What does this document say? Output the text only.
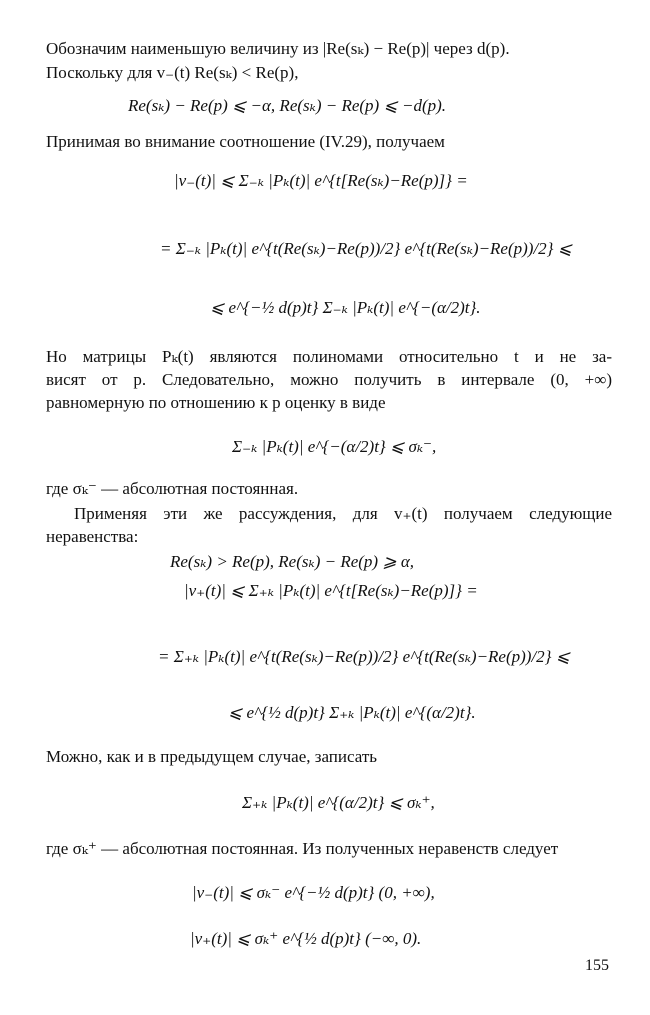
Обозначим наименьшую величину из |Re(sₖ) − Re(p)| через d(p).
Поскольку для v₋(t) Re(sₖ) < Re(p),
Re(sₖ) − Re(p) ⩽ −α, Re(sₖ) − Re(p) ⩽ −d(p).
Принимая во внимание соотношение (IV.29), получаем
|v₋(t)| ⩽ Σ₋ₖ |Pₖ(t)| e^{t[Re(sₖ)−Re(p)]} =
= Σ₋ₖ |Pₖ(t)| e^{t(Re(sₖ)−Re(p))/2} e^{t(Re(sₖ)−Re(p))/2} ⩽
⩽ e^{−½ d(p)t} Σ₋ₖ |Pₖ(t)| e^{−(α/2)t}.
Но матрицы Pₖ(t) являются полиномами относительно t и не за-
висят от p. Следовательно, можно получить в интервале (0, +∞)
равномерную по отношению к p оценку в виде
Σ₋ₖ |Pₖ(t)| e^{−(α/2)t} ⩽ σₖ⁻,
где σₖ⁻ — абсолютная постоянная.
Применяя эти же рассуждения, для v₊(t) получаем следующие
неравенства:
Re(sₖ) > Re(p), Re(sₖ) − Re(p) ⩾ α,
|v₊(t)| ⩽ Σ₊ₖ |Pₖ(t)| e^{t[Re(sₖ)−Re(p)]} =
= Σ₊ₖ |Pₖ(t)| e^{t(Re(sₖ)−Re(p))/2} e^{t(Re(sₖ)−Re(p))/2} ⩽
⩽ e^{½ d(p)t} Σ₊ₖ |Pₖ(t)| e^{(α/2)t}.
Можно, как и в предыдущем случае, записать
Σ₊ₖ |Pₖ(t)| e^{(α/2)t} ⩽ σₖ⁺,
где σₖ⁺ — абсолютная постоянная. Из полученных неравенств следует
|v₋(t)| ⩽ σₖ⁻ e^{−½ d(p)t} (0, +∞),
|v₊(t)| ⩽ σₖ⁺ e^{½ d(p)t} (−∞, 0).
155
